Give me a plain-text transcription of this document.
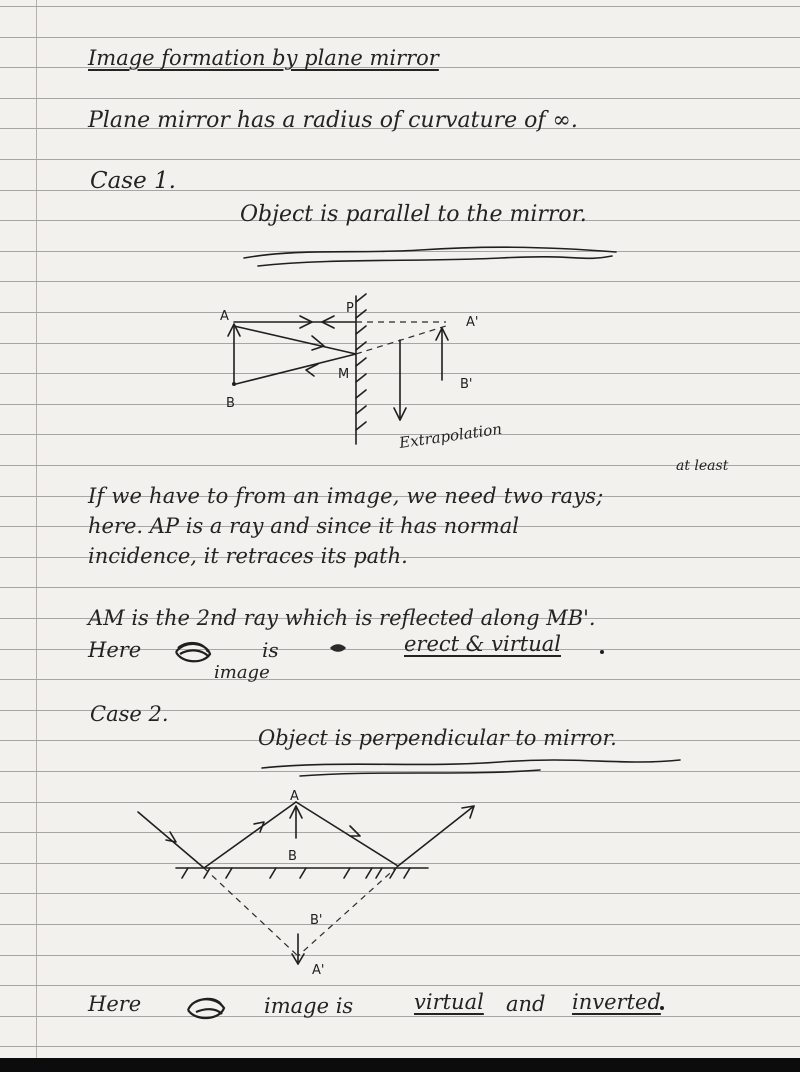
Image formation by plane mirror
Plane mirror has a radius of curvature of ∞.
Case 1.
Object is parallel to the mirror.
A
B
P
M
A'
B'
Extrapolation
at least
If we have to from an image, we need two rays;
here. AP is a ray and since it has normal
incidence, it retraces its path.
AM is the 2nd ray which is reflected along MB'.
Here	is	erect & virtual
image
Case 2.
Object is perpendicular to mirror.
A
B
B'
A'
Here	image is	virtual and inverted
